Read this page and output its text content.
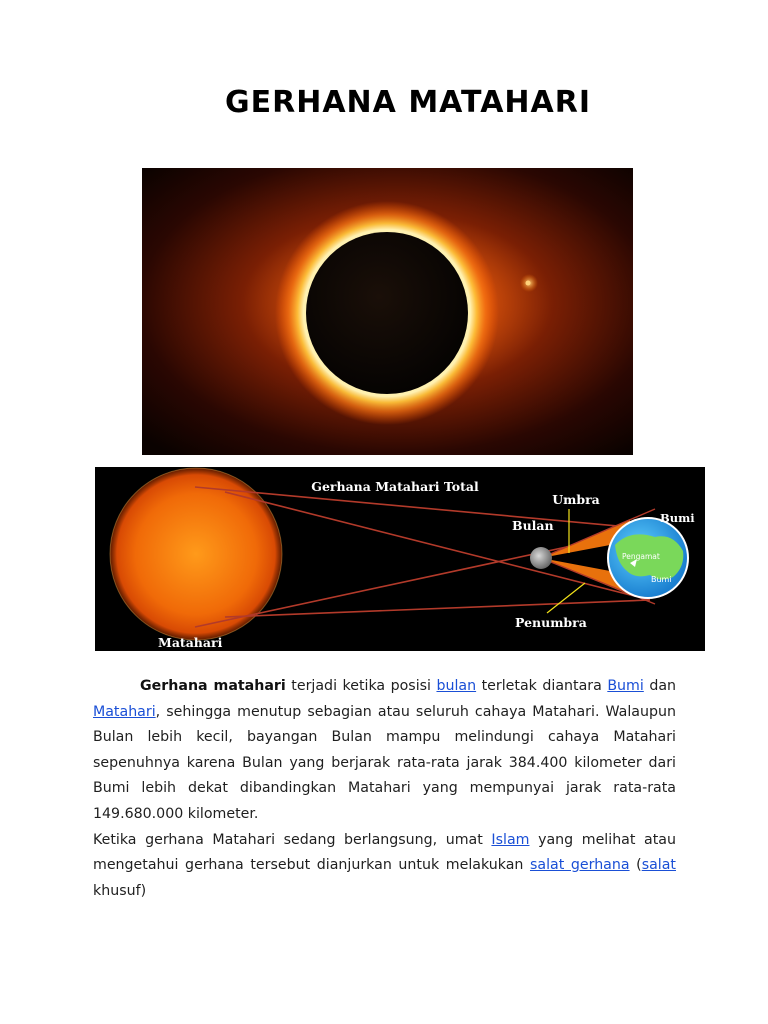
GERHANA MATAHARI
Gerhana Matahari Total
Umbra
Bulan	Bumi
Pengamat
Bumi
Penumbra
Matahari

Gerhana matahari terjadi ketika posisi bulan terletak diantara Bumi dan Matahari, sehingga menutup sebagian atau seluruh cahaya Matahari. Walaupun Bulan lebih kecil, bayangan Bulan mampu melindungi cahaya Matahari sepenuhnya karena Bulan yang berjarak rata-rata jarak 384.400 kilometer dari Bumi lebih dekat dibandingkan Matahari yang mempunyai jarak rata-rata 149.680.000 kilometer.

Ketika gerhana Matahari sedang berlangsung, umat Islam yang melihat atau mengetahui gerhana tersebut dianjurkan untuk melakukan salat gerhana (salat khusuf)
